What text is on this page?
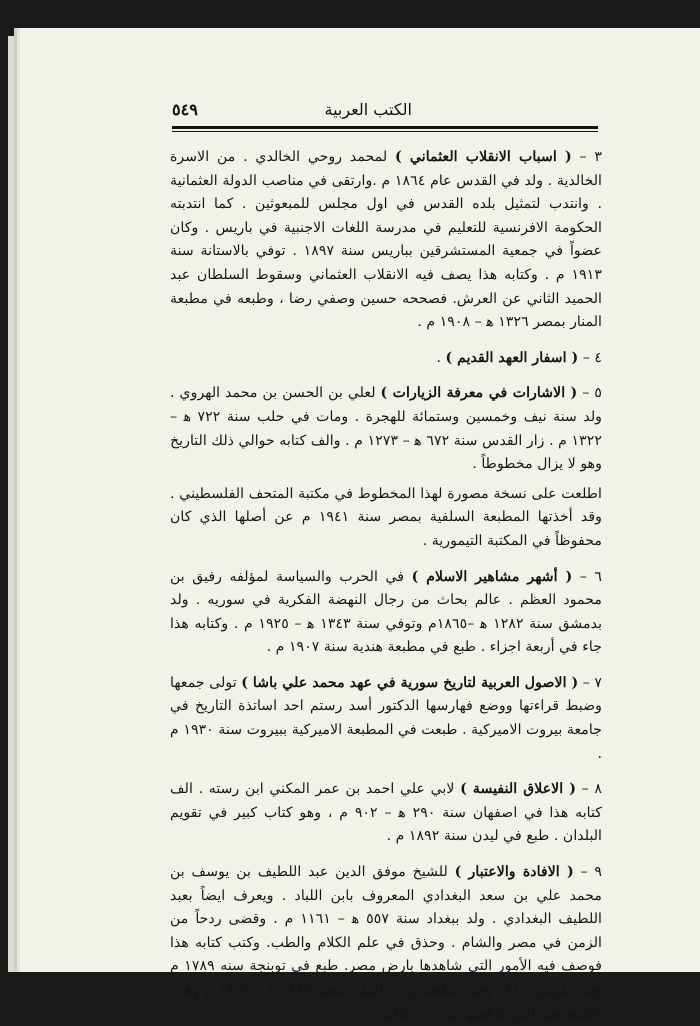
الكتب العربية
٥٤٩

٣ – ( اسباب الانقلاب العثماني ) لمحمد روحي الخالدي . من الاسرة الخالدية . ولد في القدس عام ١٨٦٤ م .وارتقى في مناصب الدولة العثمانية . وانتدب لتمثيل بلده القدس في اول مجلس للمبعوثين . كما انتدبته الحكومة الافرنسية للتعليم في مدرسة اللغات الاجنبية في باريس . وكان عضواً في جمعية المستشرقين بباريس سنة ١٨٩٧ . توفي بالاستانة سنة ١٩١٣ م . وكتابه هذا يصف فيه الانقلاب العثماني وسقوط السلطان عبد الحميد الثاني عن العرش. فصححه حسين وصفي رضا ، وطبعه في مطبعة المنار بمصر ١٣٢٦ ﻫ – ١٩٠٨ م .

٤ – ( اسفار العهد القديم ) .

٥ – ( الاشارات في معرفة الزيارات ) لعلي بن الحسن بن محمد الهروي . ولد سنة نيف وخمسين وستمائة للهجرة . ومات في حلب سنة ٧٢٢ ﻫ – ١٣٢٢ م . زار القدس سنة ٦٧٢ ﻫ – ١٢٧٣ م . والف كتابه حوالي ذلك التاريخ وهو لا يزال مخطوطاً .

اطلعت على نسخة مصورة لهذا المخطوط في مكتبة المتحف الفلسطيني . وقد أخذتها المطبعة السلفية بمصر سنة ١٩٤١ م عن أصلها الذي كان محفوظاً في المكتبة التيمورية .

٦ – ( أشهر مشاهير الاسلام ) في الحرب والسياسة لمؤلفه رفيق بن محمود العظم . عالم بحاث من رجال النهضة الفكرية في سوريه . ولد بدمشق سنة ١٢٨٢ ﻫ –١٨٦٥م وتوفي سنة ١٣٤٣ ﻫ – ١٩٢٥ م . وكتابه هذا جاء في أربعة اجزاء . طبع في مطبعة هندية سنة ١٩٠٧ م .

٧ – ( الاصول العربية لتاريخ سورية في عهد محمد علي باشا ) تولى جمعها وضبط قراءتها ووضع فهارسها الدكتور أسد رستم احد اساتذة التاريخ في جامعة بيروت الاميركية . طبعت في المطبعة الاميركية ببيروت سنة ١٩٣٠ م .

٨ – ( الاعلاق النفيسة ) لابي علي احمد بن عمر المكني ابن رسته . الف كتابه هذا في اصفهان سنة ٢٩٠ ﻫ – ٩٠٢ م ، وهو كتاب كبير في تقويم البلدان . طبع في ليدن سنة ١٨٩٢ م .

٩ – ( الافادة والاعتبار ) للشيخ موفق الدين عبد اللطيف بن يوسف بن محمد علي بن سعد البغدادي المعروف بابن اللباد . ويعرف ايضاً بعبد اللطيف البغدادي . ولد ببغداد سنة ٥٥٧ ﻫ – ١١٦١ م . وقضى ردحاً من الزمن في مصر والشام . وحذق في علم الكلام والطب. وكتب كتابه هذا فوصف فيه الأمور التي شاهدها بارض مصر. طبع في توبنجة سنه ١٧٨٩ م وفي باريس ١٨١٠ وفي مطبعة وادي النيل بمصر ١٢٨٦ ﻫ – ١٨٦٩ م وهذه الطبعة هي التي طالعتها من اجل كتابي .
